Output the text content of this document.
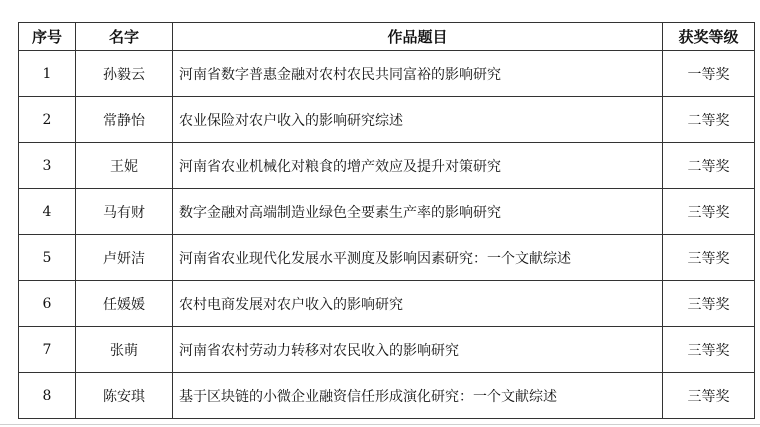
序号	名字	作品题目	获奖等级
1	孙毅云	河南省数字普惠金融对农村农民共同富裕的影响研究	一等奖
2	常静怡	农业保险对农户收入的影响研究综述	二等奖
3	王妮	河南省农业机械化对粮食的增产效应及提升对策研究	二等奖
4	马有财	数字金融对高端制造业绿色全要素生产率的影响研究	三等奖
5	卢妍洁	河南省农业现代化发展水平测度及影响因素研究：一个文献综述	三等奖
6	任媛媛	农村电商发展对农户收入的影响研究	三等奖
7	张萌	河南省农村劳动力转移对农民收入的影响研究	三等奖
8	陈安琪	基于区块链的小微企业融资信任形成演化研究：一个文献综述	三等奖
